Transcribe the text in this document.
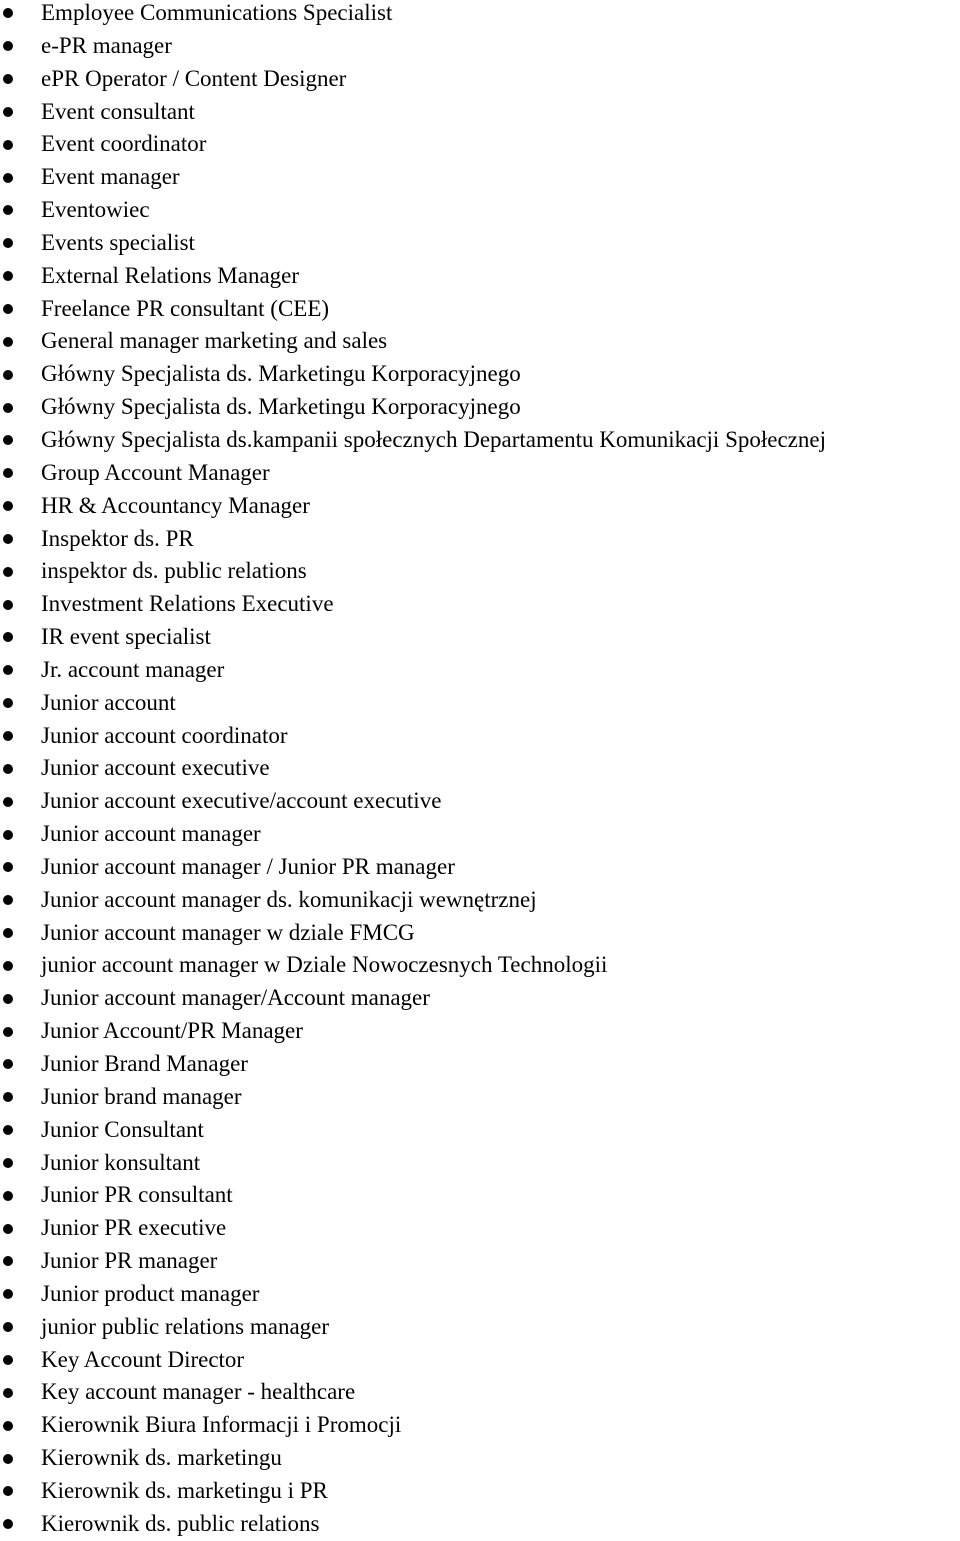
Employee Communications Specialist
e-PR manager
ePR Operator / Content Designer
Event consultant
Event coordinator
Event manager
Eventowiec
Events specialist
External Relations Manager
Freelance PR consultant (CEE)
General manager marketing and sales
Główny Specjalista ds. Marketingu Korporacyjnego
Główny Specjalista ds. Marketingu Korporacyjnego
Główny Specjalista ds.kampanii społecznych Departamentu Komunikacji Społecznej
Group Account Manager
HR & Accountancy Manager
Inspektor ds. PR
inspektor ds. public relations
Investment Relations Executive
IR event specialist
Jr. account manager
Junior account
Junior account coordinator
Junior account executive
Junior account executive/account executive
Junior account manager
Junior account manager / Junior PR manager
Junior account manager ds. komunikacji wewnętrznej
Junior account manager w dziale FMCG
junior account manager w Dziale Nowoczesnych Technologii
Junior account manager/Account manager
Junior Account/PR Manager
Junior Brand Manager
Junior brand manager
Junior Consultant
Junior konsultant
Junior PR consultant
Junior PR executive
Junior PR manager
Junior product manager
junior public relations manager
Key Account Director
Key account manager - healthcare
Kierownik Biura Informacji i Promocji
Kierownik ds. marketingu
Kierownik ds. marketingu i PR
Kierownik ds. public relations
